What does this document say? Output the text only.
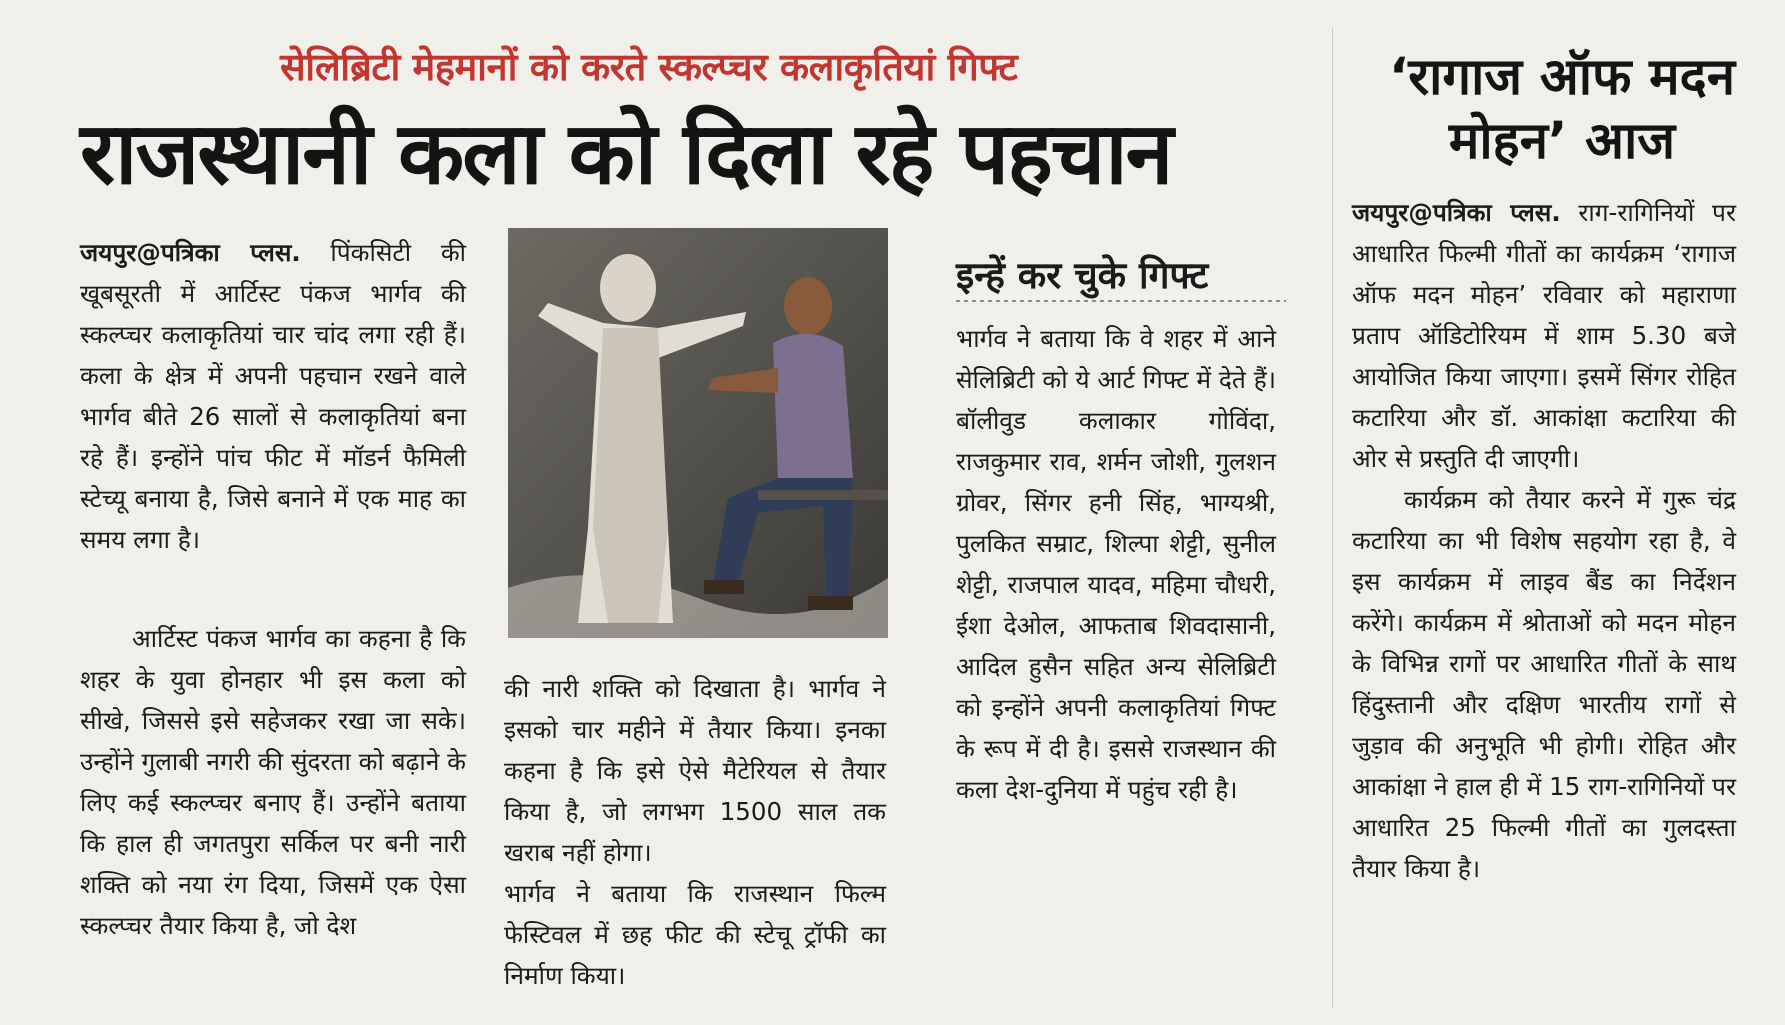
सेलिब्रिटी मेहमानों को करते स्कल्प्चर कलाकृतियां गिफ्ट
राजस्थानी कला को दिला रहे पहचान

जयपुर@पत्रिका प्लस. पिंकसिटी की खूबसूरती में आर्टिस्ट पंकज भार्गव की स्कल्प्चर कलाकृतियां चार चांद लगा रही हैं। कला के क्षेत्र में अपनी पहचान रखने वाले भार्गव बीते 26 सालों से कलाकृतियां बना रहे हैं। इन्होंने पांच फीट में मॉडर्न फैमिली स्टेच्यू बनाया है, जिसे बनाने में एक माह का समय लगा है।

आर्टिस्ट पंकज भार्गव का कहना है कि शहर के युवा होनहार भी इस कला को सीखे, जिससे इसे सहेजकर रखा जा सके। उन्होंने गुलाबी नगरी की सुंदरता को बढ़ाने के लिए कई स्कल्प्चर बनाए हैं। उन्होंने बताया कि हाल ही जगतपुरा सर्किल पर बनी नारी शक्ति को नया रंग दिया, जिसमें एक ऐसा स्कल्प्चर तैयार किया है, जो देश

की नारी शक्ति को दिखाता है। भार्गव ने इसको चार महीने में तैयार किया। इनका कहना है कि इसे ऐसे मैटेरियल से तैयार किया है, जो लगभग 1500 साल तक खराब नहीं होगा।

भार्गव ने बताया कि राजस्थान फिल्म फेस्टिवल में छह फीट की स्टेचू ट्रॉफी का निर्माण किया।

इन्हें कर चुके गिफ्ट

भार्गव ने बताया कि वे शहर में आने सेलिब्रिटी को ये आर्ट गिफ्ट में देते हैं। बॉलीवुड कलाकार गोविंदा, राजकुमार राव, शर्मन जोशी, गुलशन ग्रोवर, सिंगर हनी सिंह, भाग्यश्री, पुलकित सम्राट, शिल्पा शेट्टी, सुनील शेट्टी, राजपाल यादव, महिमा चौधरी, ईशा देओल, आफताब शिवदासानी, आदिल हुसैन सहित अन्य सेलिब्रिटी को इन्होंने अपनी कलाकृतियां गिफ्ट के रूप में दी है। इससे राजस्थान की कला देश-दुनिया में पहुंच रही है।

‘रागाज ऑफ मदन मोहन’ आज

जयपुर@पत्रिका प्लस. राग-रागिनियों पर आधारित फिल्मी गीतों का कार्यक्रम ‘रागाज ऑफ मदन मोहन’ रविवार को महाराणा प्रताप ऑडिटोरियम में शाम 5.30 बजे आयोजित किया जाएगा। इसमें सिंगर रोहित कटारिया और डॉ. आकांक्षा कटारिया की ओर से प्रस्तुति दी जाएगी।

कार्यक्रम को तैयार करने में गुरू चंद्र कटारिया का भी विशेष सहयोग रहा है, वे इस कार्यक्रम में लाइव बैंड का निर्देशन करेंगे। कार्यक्रम में श्रोताओं को मदन मोहन के विभिन्न रागों पर आधारित गीतों के साथ हिंदुस्तानी और दक्षिण भारतीय रागों से जुड़ाव की अनुभूति भी होगी। रोहित और आकांक्षा ने हाल ही में 15 राग-रागिनियों पर आधारित 25 फिल्मी गीतों का गुलदस्ता तैयार किया है।
